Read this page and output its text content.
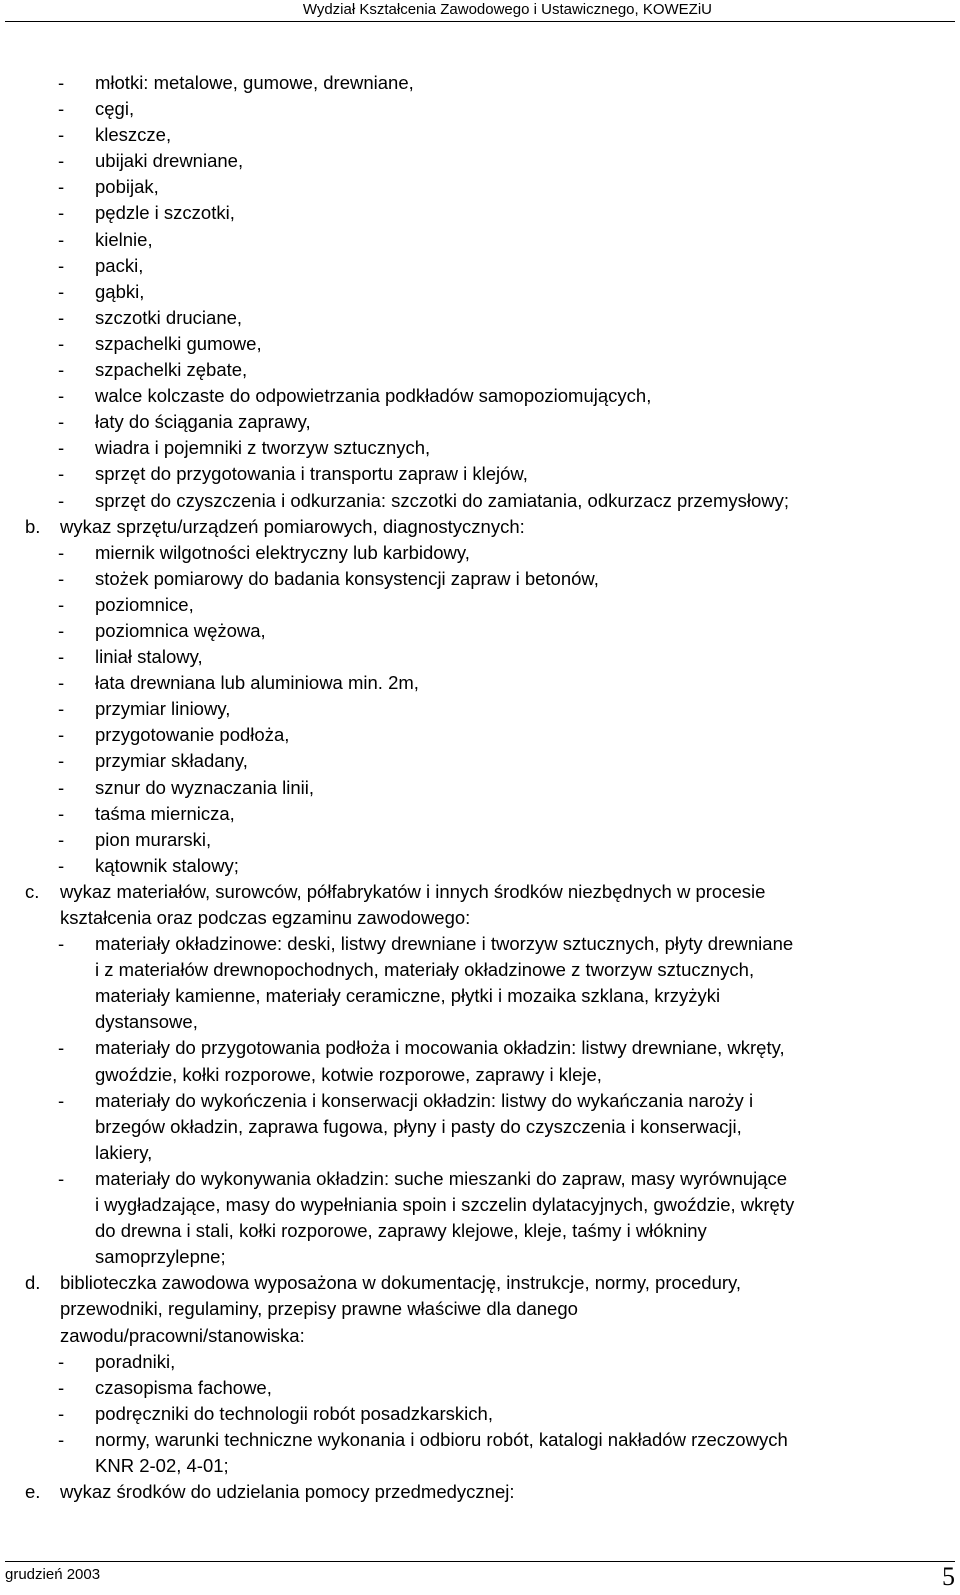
Wydział Kształcenia Zawodowego i Ustawicznego, KOWEZiU
- młotki: metalowe, gumowe, drewniane,
- cęgi,
- kleszcze,
- ubijaki drewniane,
- pobijak,
- pędzle i szczotki,
- kielnie,
- packi,
- gąbki,
- szczotki druciane,
- szpachelki gumowe,
- szpachelki zębate,
- walce kolczaste do odpowietrzania podkładów samopoziomujących,
- łaty do ściągania zaprawy,
- wiadra i pojemniki z tworzyw sztucznych,
- sprzęt do przygotowania i transportu zapraw i klejów,
- sprzęt do czyszczenia i odkurzania: szczotki do zamiatania, odkurzacz przemysłowy;
b. wykaz sprzętu/urządzeń pomiarowych, diagnostycznych:
- miernik wilgotności elektryczny lub karbidowy,
- stożek pomiarowy do badania konsystencji zapraw i betonów,
- poziomnice,
- poziomnica wężowa,
- liniał stalowy,
- łata drewniana lub aluminiowa min. 2m,
- przymiar liniowy,
- przygotowanie podłoża,
- przymiar składany,
- sznur do wyznaczania linii,
- taśma miernicza,
- pion murarski,
- kątownik stalowy;
c. wykaz materiałów, surowców, półfabrykatów i innych środków niezbędnych w procesie
kształcenia oraz podczas egzaminu zawodowego:
- materiały okładzinowe: deski, listwy drewniane i tworzyw sztucznych, płyty drewniane
i z materiałów drewnopochodnych, materiały okładzinowe z tworzyw sztucznych,
materiały kamienne, materiały ceramiczne, płytki i mozaika szklana, krzyżyki
dystansowe,
- materiały do przygotowania podłoża i mocowania okładzin: listwy drewniane, wkręty,
gwoździe, kołki rozporowe, kotwie rozporowe, zaprawy i kleje,
- materiały do wykończenia i konserwacji okładzin: listwy do wykańczania naroży i
brzegów okładzin, zaprawa fugowa, płyny i pasty do czyszczenia i konserwacji,
lakiery,
- materiały do wykonywania okładzin: suche mieszanki do zapraw, masy wyrównujące
i wygładzające, masy do wypełniania spoin i szczelin dylatacyjnych, gwoździe, wkręty
do drewna i stali, kołki rozporowe, zaprawy klejowe, kleje, taśmy i włókniny
samoprzylepne;
d. biblioteczka zawodowa wyposażona w dokumentację, instrukcje, normy, procedury,
przewodniki, regulaminy, przepisy prawne właściwe dla danego
zawodu/pracowni/stanowiska:
- poradniki,
- czasopisma fachowe,
- podręczniki do technologii robót posadzkarskich,
- normy, warunki techniczne wykonania i odbioru robót, katalogi nakładów rzeczowych
KNR 2-02, 4-01;
e. wykaz środków do udzielania pomocy przedmedycznej:
grudzień 2003	5
